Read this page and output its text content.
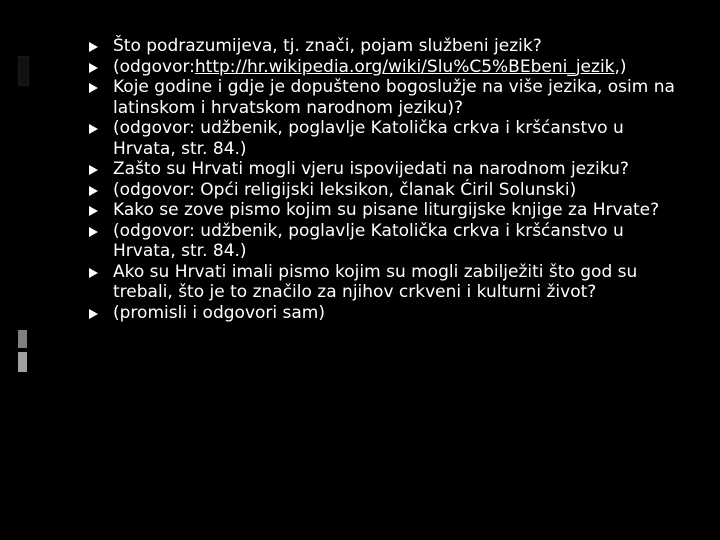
Što podrazumijeva, tj. znači, pojam službeni jezik?
(odgovor:http://hr.wikipedia.org/wiki/Slu%C5%BEbeni_jezik,)
Koje godine i gdje je dopušteno bogoslužje na više jezika, osim na latinskom i hrvatskom narodnom jeziku)?
(odgovor: udžbenik, poglavlje Katolička crkva i kršćanstvo u Hrvata, str. 84.)
Zašto su Hrvati mogli vjeru ispovijedati na narodnom jeziku?
(odgovor: Opći religijski leksikon, članak Ćiril Solunski)
Kako se zove pismo kojim su pisane liturgijske knjige za Hrvate?
(odgovor: udžbenik, poglavlje Katolička crkva i kršćanstvo u Hrvata, str. 84.)
Ako su Hrvati imali pismo kojim su mogli zabilježiti što god su trebali, što je to značilo za njihov crkveni i kulturni život?
(promisli i odgovori sam)
